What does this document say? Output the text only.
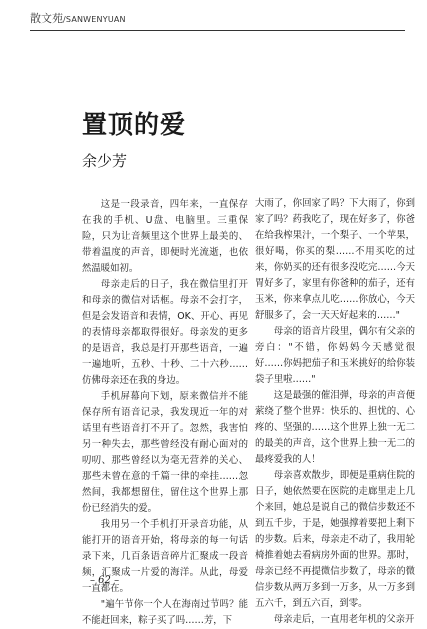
散文苑/SANWENYUAN
置顶的爱
余少芳

这是一段录音，四年来，一直保存在我的手机、U盘、电脑里。三重保险，只为让音频里这个世界上最美的、带着温度的声音，即便时光流逝，也依然温暖如初。

母亲走后的日子，我在微信里打开和母亲的微信对话框。母亲不会打字，但是会发语音和表情，OK、开心、再见的表情母亲都取得很好。母亲发的更多的是语音，我总是打开那些语音，一遍一遍地听，五秒、十秒、二十六秒……仿佛母亲还在我的身边。

手机屏幕向下划，原来微信并不能保存所有语音记录，我发现近一年的对话里有些语音打不开了。忽然，我害怕另一种失去，那些曾经没有耐心面对的叨叨、那些曾经以为毫无营养的关心、那些未曾在意的千篇一律的牵挂……忽然间，我都想留住，留住这个世界上那份已经消失的爱。

我用另一个手机打开录音功能，从能打开的语音开始，将母亲的每一句话录下来，几百条语音碎片汇聚成一段音频，汇聚成一片爱的海洋。从此，母爱一直都在。

"遍午节你一个人在海南过节吗？能不能赶回来，粽子买了吗……芳，下

大雨了，你回家了吗？下大雨了，你到家了吗？药我吃了，现在好多了，你爸在给我榨果汁，一个梨子、一个苹果，很好喝，你买的梨……不用买吃的过来，你奶买的还有很多没吃完……今天胃好多了，家里有你爸种的茄子，还有玉米，你来拿点儿吃……你放心，今天舒服多了，会一天天好起来的……"

母亲的语音片段里，偶尔有父亲的旁白："不错，你妈妈今天感觉很好……你妈把茄子和玉米挑好的给你装袋子里啦……"

这是最强的催泪弹，母亲的声音便萦绕了整个世界：快乐的、担忧的、心疼的、坚强的……这个世界上独一无二的最美的声音，这个世界上独一无二的最疼爱我的人！

母亲喜欢散步，即便是重病住院的日子，她依然要在医院的走廊里走上几个来回，她总是说自己的微信步数还不到五千步，于是，她强撑着要把上剩下的步数。后来，母亲走不动了，我用轮椅推着她去看病房外面的世界。那时，母亲已经不再提微信步数了，母亲的微信步数从两万多到一万多，从一万多到五六千，到五六百，到零。

母亲走后，一直用老年机的父亲开

– 62 –
